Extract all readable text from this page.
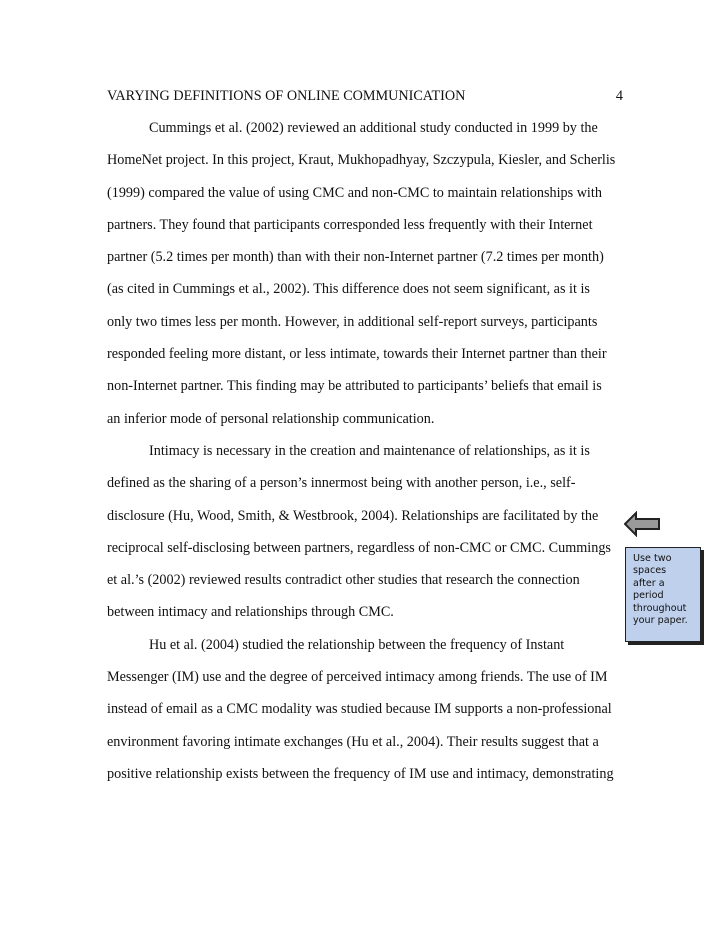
VARYING DEFINITIONS OF ONLINE COMMUNICATION	4
Cummings et al. (2002) reviewed an additional study conducted in 1999 by the
HomeNet project. In this project, Kraut, Mukhopadhyay, Szczypula, Kiesler, and Scherlis
(1999) compared the value of using CMC and non-CMC to maintain relationships with
partners. They found that participants corresponded less frequently with their Internet
partner (5.2 times per month) than with their non-Internet partner (7.2 times per month)
(as cited in Cummings et al., 2002). This difference does not seem significant, as it is
only two times less per month. However, in additional self-report surveys, participants
responded feeling more distant, or less intimate, towards their Internet partner than their
non-Internet partner. This finding may be attributed to participants’ beliefs that email is
an inferior mode of personal relationship communication.
Intimacy is necessary in the creation and maintenance of relationships, as it is
defined as the sharing of a person’s innermost being with another person, i.e., self-
disclosure (Hu, Wood, Smith, & Westbrook, 2004). Relationships are facilitated by the
reciprocal self-disclosing between partners, regardless of non-CMC or CMC. Cummings
et al.’s (2002) reviewed results contradict other studies that research the connection
between intimacy and relationships through CMC.
Hu et al. (2004) studied the relationship between the frequency of Instant
Messenger (IM) use and the degree of perceived intimacy among friends. The use of IM
instead of email as a CMC modality was studied because IM supports a non-professional
environment favoring intimate exchanges (Hu et al., 2004). Their results suggest that a
positive relationship exists between the frequency of IM use and intimacy, demonstrating
Use two
spaces
after a
period
throughout
your paper.
